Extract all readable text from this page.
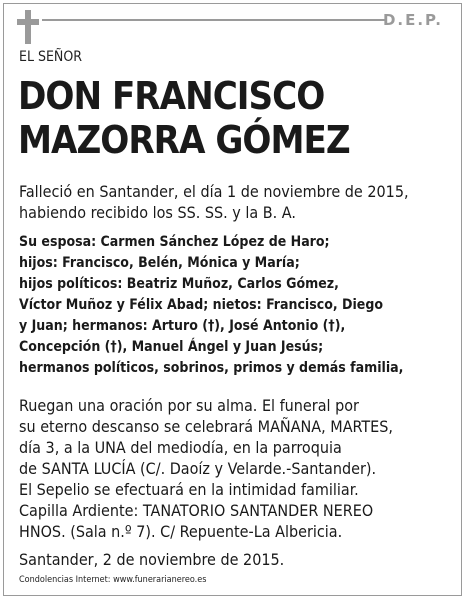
D.E.P.
EL SEÑOR
DON FRANCISCO
MAZORRA GÓMEZ
Falleció en Santander, el día 1 de noviembre de 2015,
habiendo recibido los SS. SS. y la B. A.
Su esposa: Carmen Sánchez López de Haro;
hijos: Francisco, Belén, Mónica y María;
hijos políticos: Beatriz Muñoz, Carlos Gómez,
Víctor Muñoz y Félix Abad; nietos: Francisco, Diego
y Juan; hermanos: Arturo (†), José Antonio (†),
Concepción (†), Manuel Ángel y Juan Jesús;
hermanos políticos, sobrinos, primos y demás familia,
Ruegan una oración por su alma. El funeral por
su eterno descanso se celebrará MAÑANA, MARTES,
día 3, a la UNA del mediodía, en la parroquia
de SANTA LUCÍA (C/. Daoíz y Velarde.-Santander).
El Sepelio se efectuará en la intimidad familiar.
Capilla Ardiente: TANATORIO SANTANDER NEREO
HNOS. (Sala n.º 7). C/ Repuente-La Albericia.
Santander, 2 de noviembre de 2015.
Condolencias Internet: www.funerarianereo.es
